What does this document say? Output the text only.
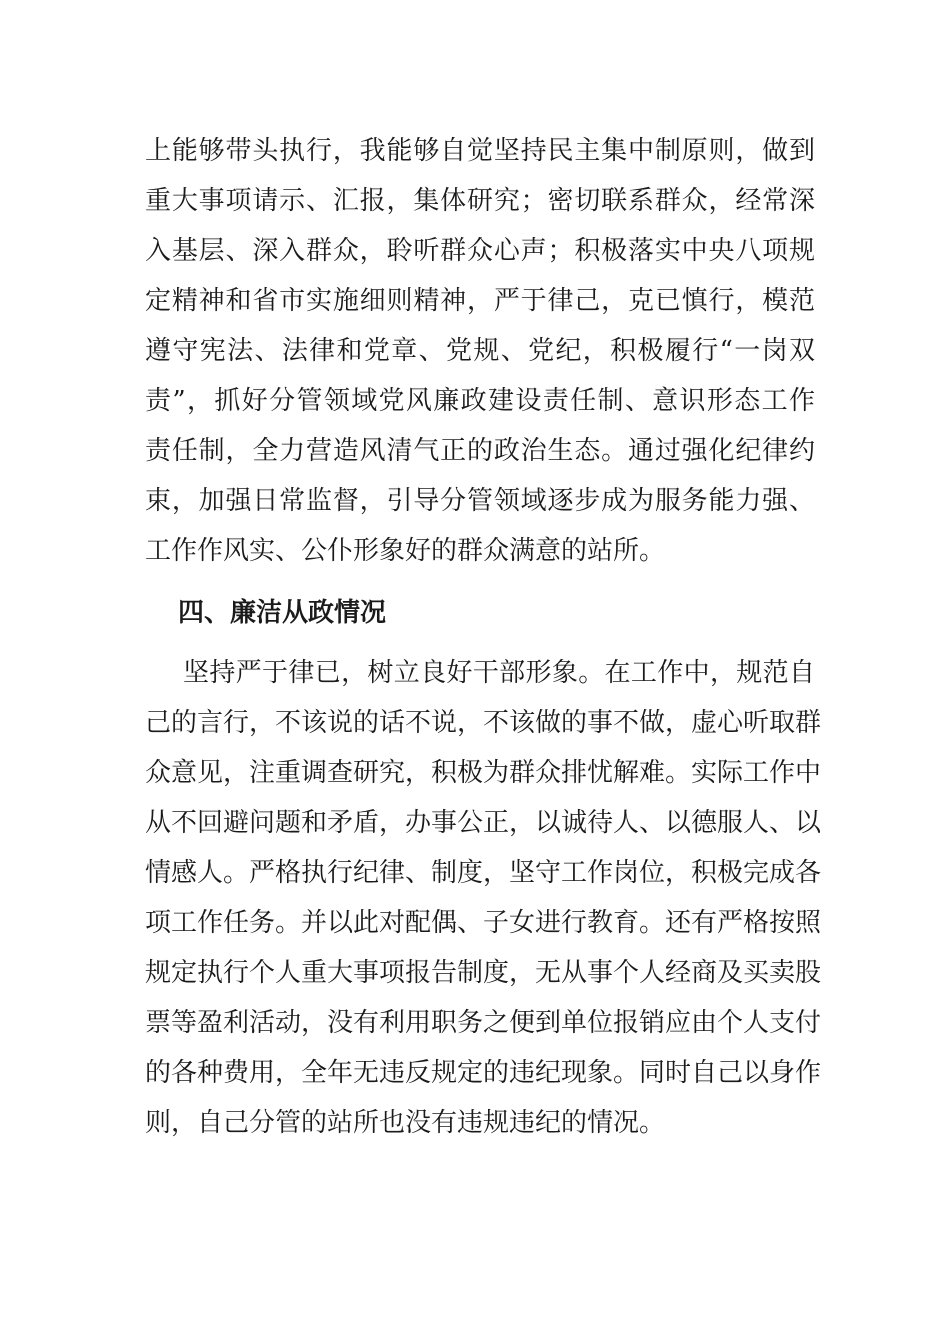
上能够带头执行，我能够自觉坚持民主集中制原则，做到
重大事项请示、汇报，集体研究；密切联系群众，经常深
入基层、深入群众，聆听群众心声；积极落实中央八项规
定精神和省市实施细则精神，严于律己，克已慎行，模范
遵守宪法、法律和党章、党规、党纪，积极履行“一岗双
责”，抓好分管领域党风廉政建设责任制、意识形态工作
责任制，全力营造风清气正的政治生态。通过强化纪律约
束，加强日常监督，引导分管领域逐步成为服务能力强、
工作作风实、公仆形象好的群众满意的站所。
四、廉洁从政情况
坚持严于律已，树立良好干部形象。在工作中，规范自
己的言行，不该说的话不说，不该做的事不做，虚心听取群
众意见，注重调查研究，积极为群众排忧解难。实际工作中
从不回避问题和矛盾，办事公正，以诚待人、以德服人、以
情感人。严格执行纪律、制度，坚守工作岗位，积极完成各
项工作任务。并以此对配偶、子女进行教育。还有严格按照
规定执行个人重大事项报告制度，无从事个人经商及买卖股
票等盈利活动，没有利用职务之便到单位报销应由个人支付
的各种费用，全年无违反规定的违纪现象。同时自己以身作
则，自己分管的站所也没有违规违纪的情况。
